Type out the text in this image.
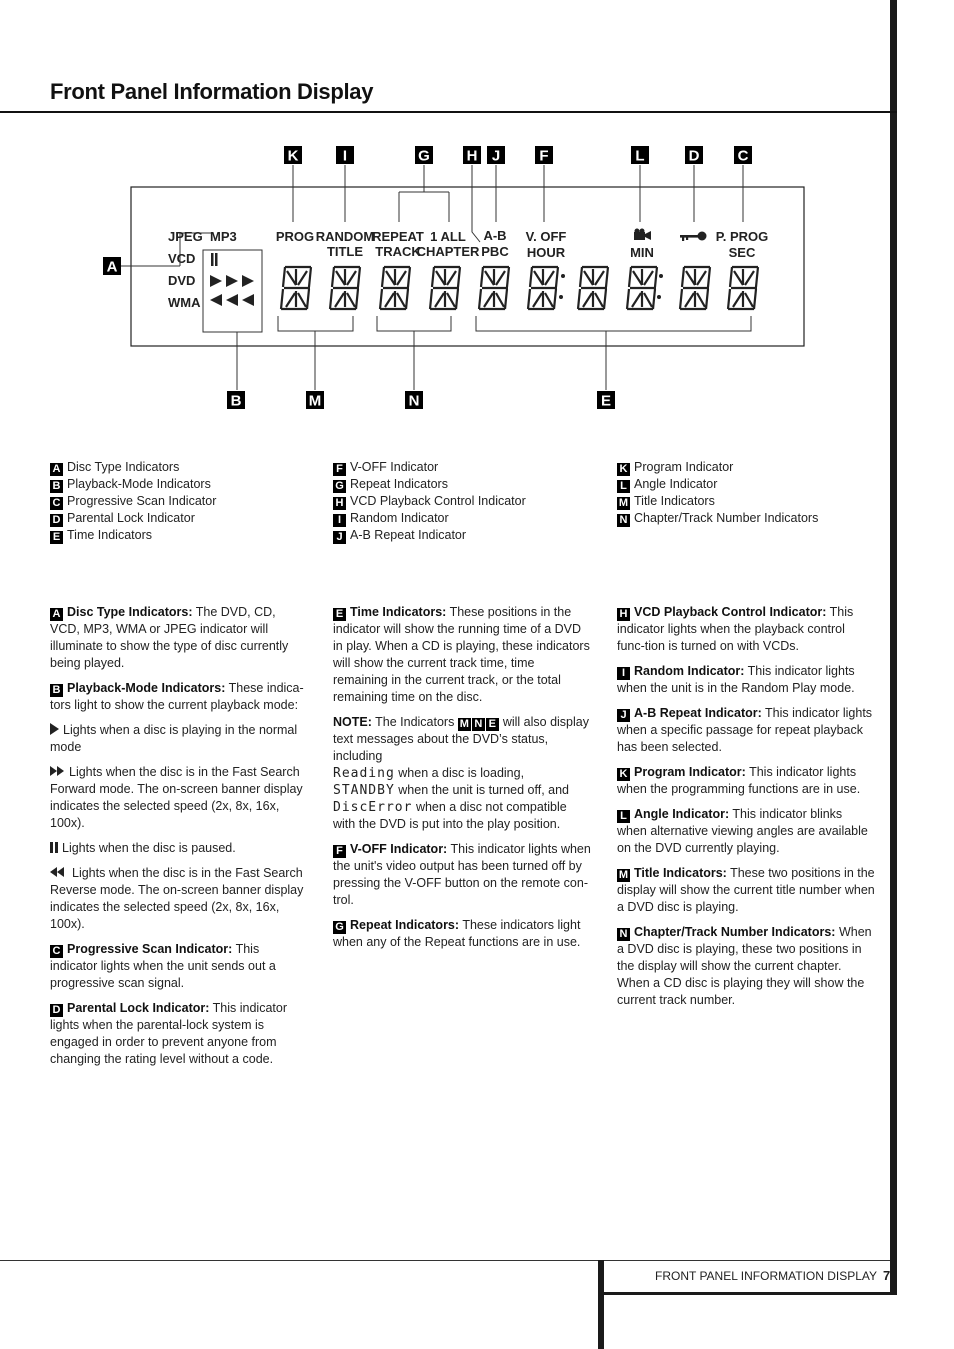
Front Panel Information Display
K	I	G H J	F	L	D	C
A
JPEG MP3
VCD
DVD
WMA
PROG RANDOM
TITLE
REPEAT
TRACK
1 ALL
CHAPTER
A-B
PBC
V. OFF
HOUR	MIN
P. PROG
SEC
B	M	N	E
A Disc Type Indicators
B Playback-Mode Indicators
C Progressive Scan Indicator
D Parental Lock Indicator
E Time Indicators
F V-OFF Indicator
G Repeat Indicators
H VCD Playback Control Indicator
I Random Indicator
J A-B Repeat Indicator
K Program Indicator
L Angle Indicator
M Title Indicators
N Chapter/Track Number Indicators

A Disc Type Indicators: The DVD, CD, VCD, MP3, WMA or JPEG indicator will illuminate to show the type of disc currently being played.

B Playback-Mode Indicators: These indica-tors light to show the current playback mode:

Lights when a disc is playing in the normal mode

Lights when the disc is in the Fast Search Forward mode. The on-screen banner display indicates the selected speed (2x, 8x, 16x, 100x).

Lights when the disc is paused.

Lights when the disc is in the Fast Search Reverse mode. The on-screen banner display indicates the selected speed (2x, 8x, 16x, 100x).

C Progressive Scan Indicator: This indicator lights when the unit sends out a progressive scan signal.

D Parental Lock Indicator: This indicator lights when the parental-lock system is engaged in order to prevent anyone from changing the rating level without a code.

E Time Indicators: These positions in the indicator will show the running time of a DVD in play. When a CD is playing, these indicators will show the current track time, time remaining in the current track, or the total remaining time on the disc.

NOTE: The Indicators M N E will also display text messages about the DVD’s status, including
Reading when a disc is loading,
STANDBY when the unit is turned off, and
DiscError when a disc not compatible with the DVD is put into the play position.

F V-OFF Indicator: This indicator lights when the unit's video output has been turned off by pressing the V-OFF button on the remote con-trol.

G Repeat Indicators: These indicators light when any of the Repeat functions are in use.

H VCD Playback Control Indicator: This indicator lights when the playback control func-tion is turned on with VCDs.

I Random Indicator: This indicator lights when the unit is in the Random Play mode.

J A-B Repeat Indicator: This indicator lights when a specific passage for repeat playback has been selected.

K Program Indicator: This indicator lights when the programming functions are in use.

L Angle Indicator: This indicator blinks when alternative viewing angles are available on the DVD currently playing.

M Title Indicators: These two positions in the display will show the current title number when a DVD disc is playing.

N Chapter/Track Number Indicators: When a DVD disc is playing, these two positions in the display will show the current chapter. When a CD disc is playing they will show the current track number.

FRONT PANEL INFORMATION DISPLAY 7
